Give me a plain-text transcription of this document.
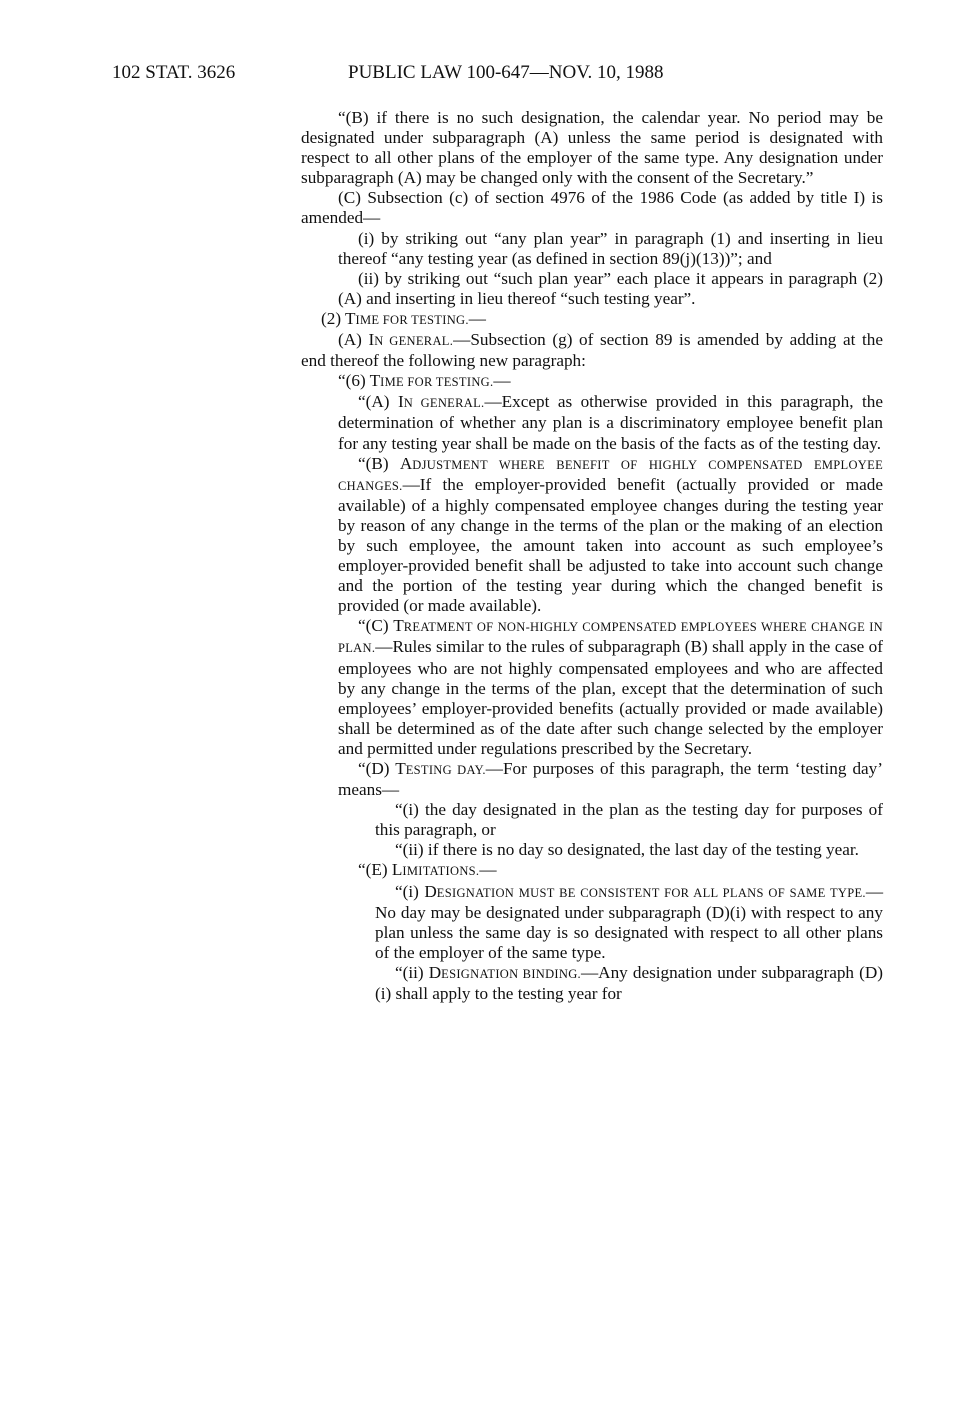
102 STAT. 3626	PUBLIC LAW 100-647—NOV. 10, 1988

“(B) if there is no such designation, the calendar year. No period may be designated under subparagraph (A) unless the same period is designated with respect to all other plans of the employer of the same type. Any designation under subparagraph (A) may be changed only with the consent of the Secretary.”

(C) Subsection (c) of section 4976 of the 1986 Code (as added by title I) is amended—

(i) by striking out “any plan year” in paragraph (1) and inserting in lieu thereof “any testing year (as defined in section 89(j)(13))”; and

(ii) by striking out “such plan year” each place it appears in paragraph (2)(A) and inserting in lieu thereof “such testing year”.

(2) TIME FOR TESTING.—

(A) IN GENERAL.—Subsection (g) of section 89 is amended by adding at the end thereof the following new paragraph:

“(6) TIME FOR TESTING.—

“(A) IN GENERAL.—Except as otherwise provided in this paragraph, the determination of whether any plan is a discriminatory employee benefit plan for any testing year shall be made on the basis of the facts as of the testing day.

“(B) ADJUSTMENT WHERE BENEFIT OF HIGHLY COMPENSATED EMPLOYEE CHANGES.—If the employer-provided benefit (actually provided or made available) of a highly compensated employee changes during the testing year by reason of any change in the terms of the plan or the making of an election by such employee, the amount taken into account as such employee’s employer-provided benefit shall be adjusted to take into account such change and the portion of the testing year during which the changed benefit is provided (or made available).

“(C) TREATMENT OF NON-HIGHLY COMPENSATED EMPLOYEES WHERE CHANGE IN PLAN.—Rules similar to the rules of subparagraph (B) shall apply in the case of employees who are not highly compensated employees and who are affected by any change in the terms of the plan, except that the determination of such employees’ employer-provided benefits (actually provided or made available) shall be determined as of the date after such change selected by the employer and permitted under regulations prescribed by the Secretary.

“(D) TESTING DAY.—For purposes of this paragraph, the term ‘testing day’ means—

“(i) the day designated in the plan as the testing day for purposes of this paragraph, or

“(ii) if there is no day so designated, the last day of the testing year.

“(E) LIMITATIONS.—

“(i) DESIGNATION MUST BE CONSISTENT FOR ALL PLANS OF SAME TYPE.—No day may be designated under subparagraph (D)(i) with respect to any plan unless the same day is so designated with respect to all other plans of the employer of the same type.

“(ii) DESIGNATION BINDING.—Any designation under subparagraph (D)(i) shall apply to the testing year for
